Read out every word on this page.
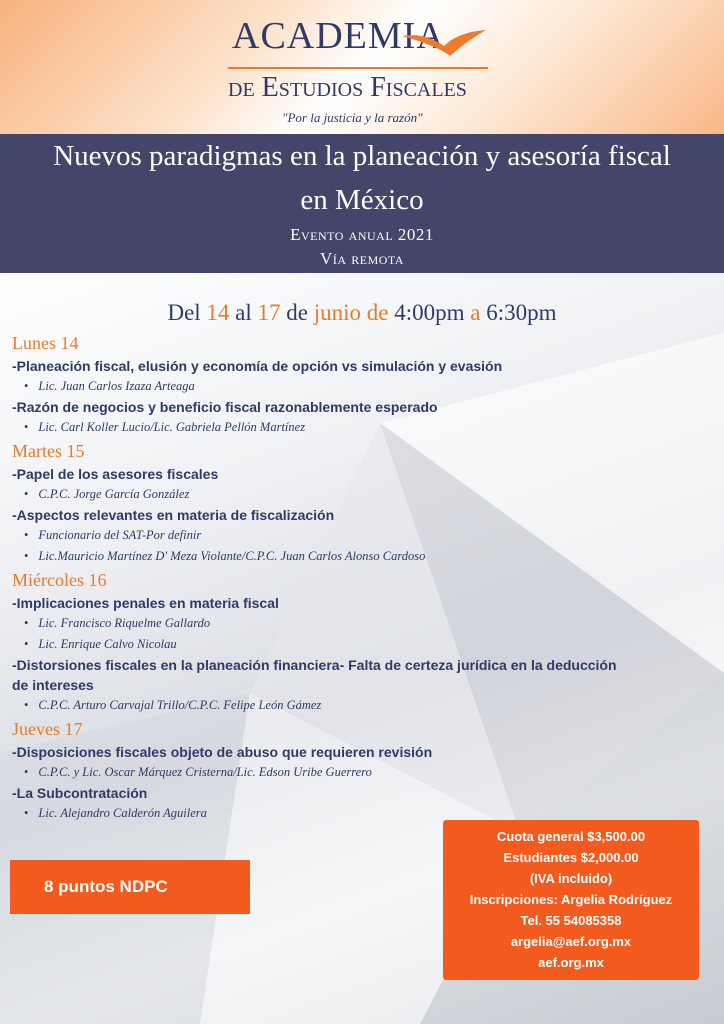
ACADEMIA
de Estudios Fiscales
"Por la justicia y la razón"
Nuevos paradigmas en la planeación y asesoría fiscal
en México
Evento anual 2021
Vía remota
Del 14 al 17 de junio de 4:00pm a 6:30pm

Lunes 14

-Planeación fiscal, elusión y economía de opción vs simulación y evasión

• Lic. Juan Carlos Izaza Arteaga

-Razón de negocios y beneficio fiscal razonablemente esperado

• Lic. Carl Koller Lucio/Lic. Gabriela Pellón Martínez

Martes 15

-Papel de los asesores fiscales

• C.P.C. Jorge García González

-Aspectos relevantes en materia de fiscalización

• Funcionario del SAT-Por definir

• Lic.Mauricio Martínez D' Meza Violante/C.P.C. Juan Carlos Alonso Cardoso

Miércoles 16

-Implicaciones penales en materia fiscal

• Lic. Francisco Riquelme Gallardo

• Lic. Enrique Calvo Nicolau

-Distorsiones fiscales en la planeación financiera- Falta de certeza jurídica en la deducción

de intereses

• C.P.C. Arturo Carvajal Trillo/C.P.C. Felipe León Gámez

Jueves 17

-Disposiciones fiscales objeto de abuso que requieren revisión

• C.P.C. y Lic. Oscar Márquez Cristerna/Lic. Edson Uribe Guerrero

-La Subcontratación

• Lic. Alejandro Calderón Aguilera

8 puntos NDPC
Cuota general $3,500.00
Estudiantes $2,000.00
(IVA incluido)
Inscripciones: Argelia Rodríguez
Tel. 55 54085358
argelia@aef.org.mx
aef.org.mx
